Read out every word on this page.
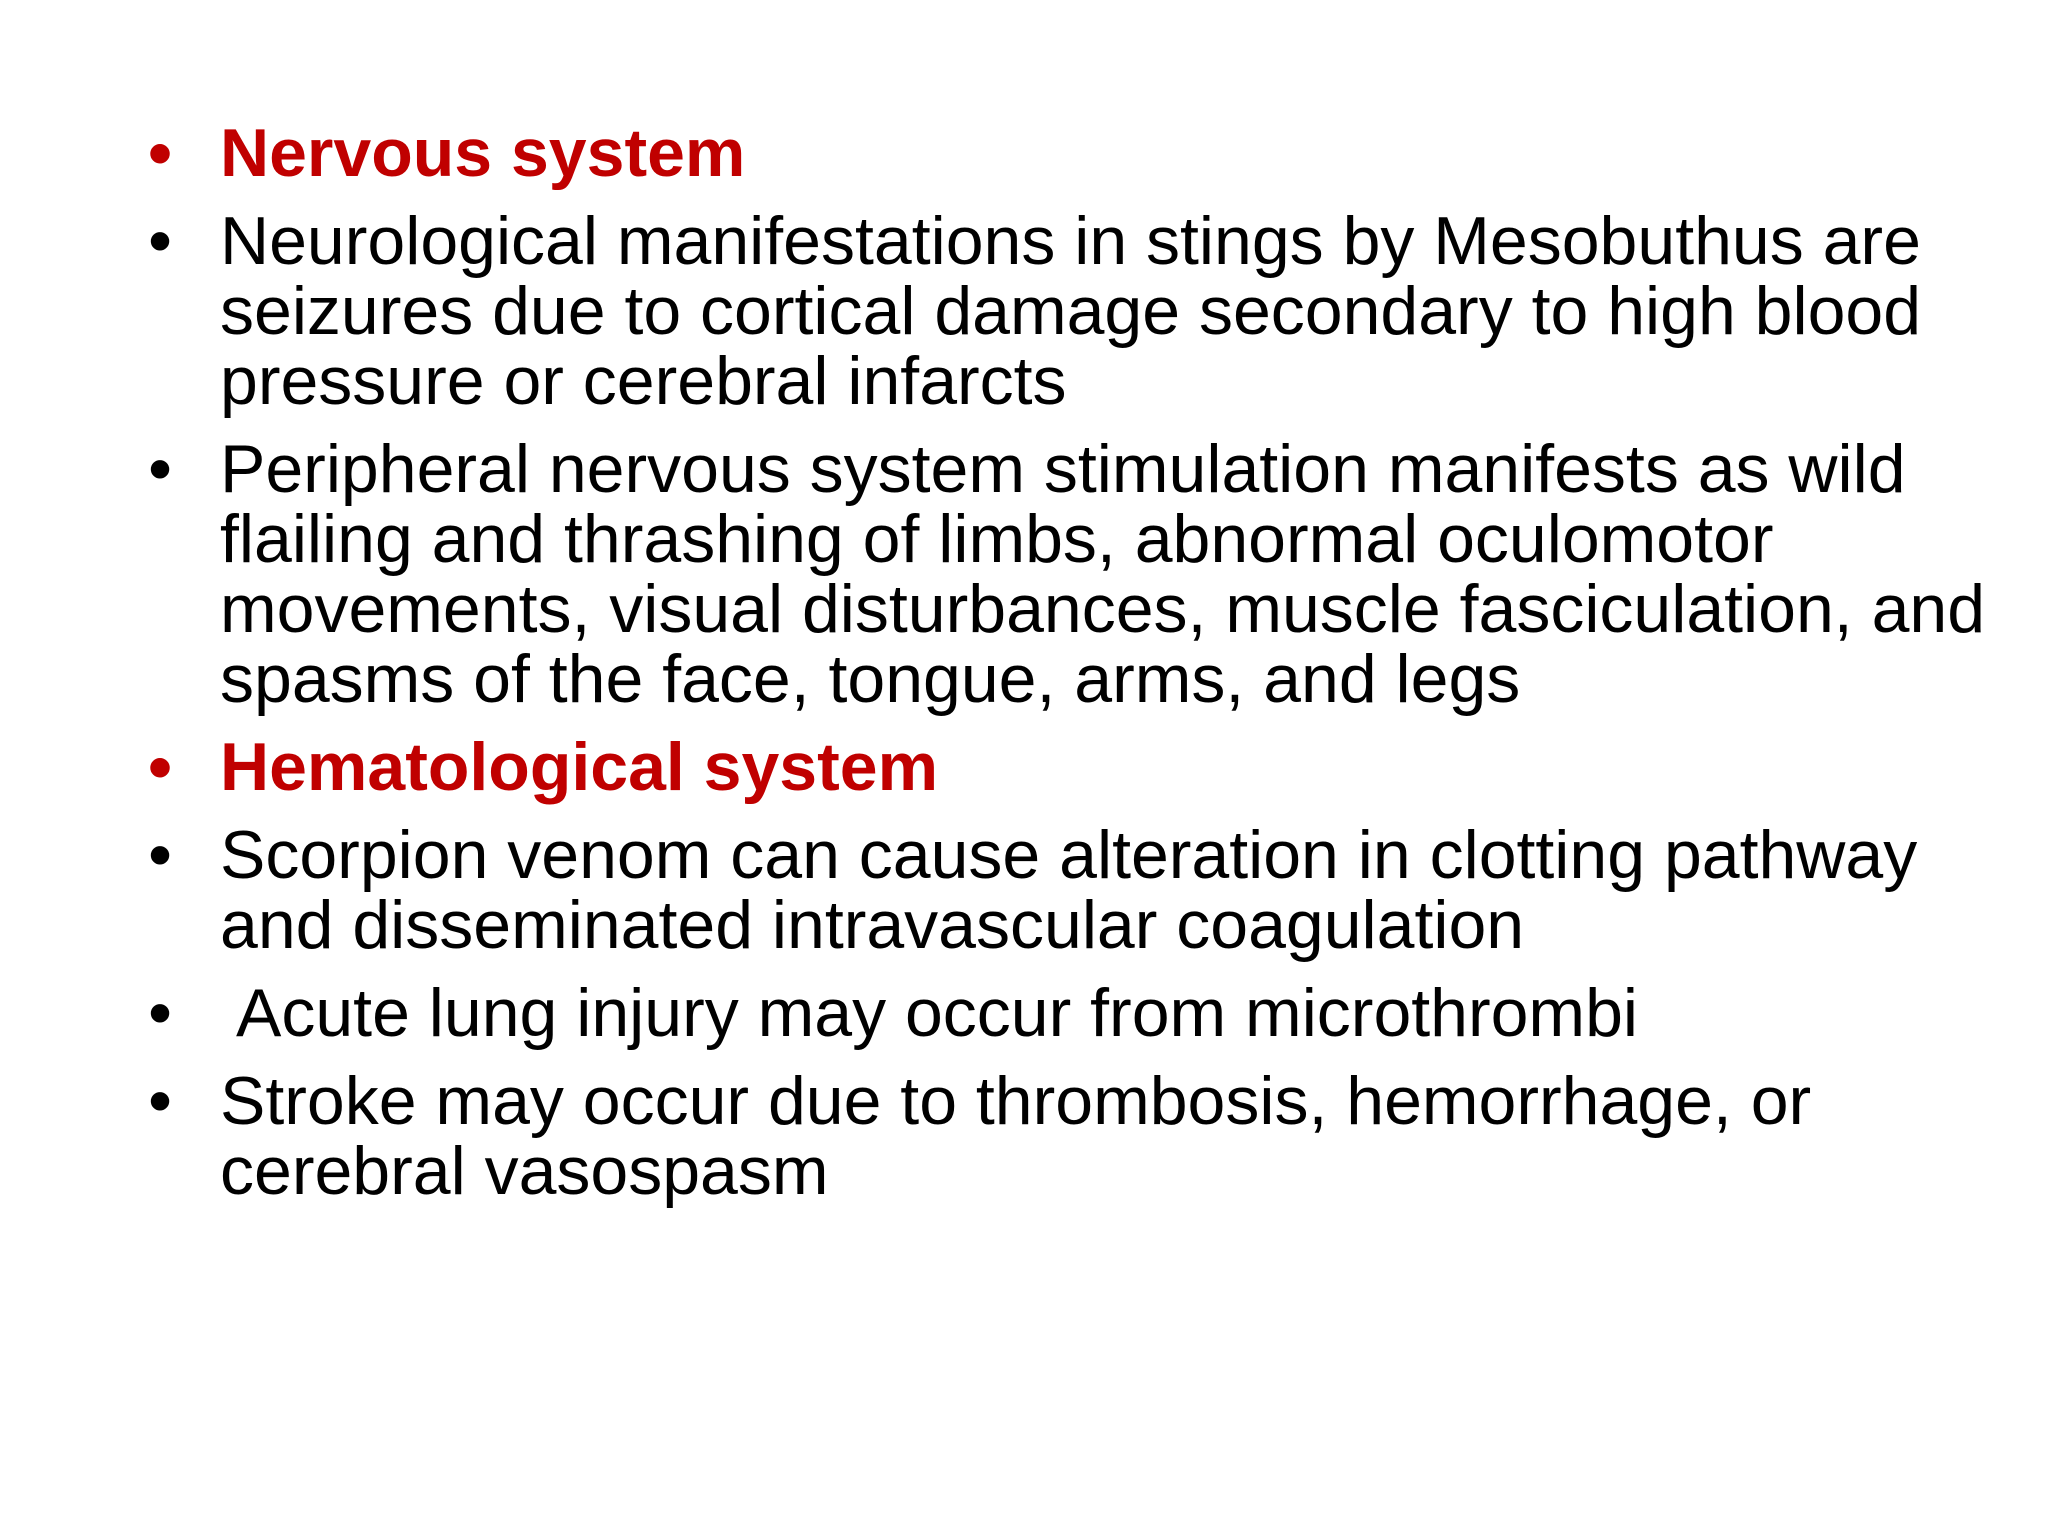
• Nervous system
• Neurological manifestations in stings by Mesobuthus are seizures due to cortical damage secondary to high blood pressure or cerebral infarcts
• Peripheral nervous system stimulation manifests as wild flailing and thrashing of limbs, abnormal oculomotor movements, visual disturbances, muscle fasciculation, and spasms of the face, tongue, arms, and legs
• Hematological system
• Scorpion venom can cause alteration in clotting pathway and disseminated intravascular coagulation
• Acute lung injury may occur from microthrombi
• Stroke may occur due to thrombosis, hemorrhage, or cerebral vasospasm
